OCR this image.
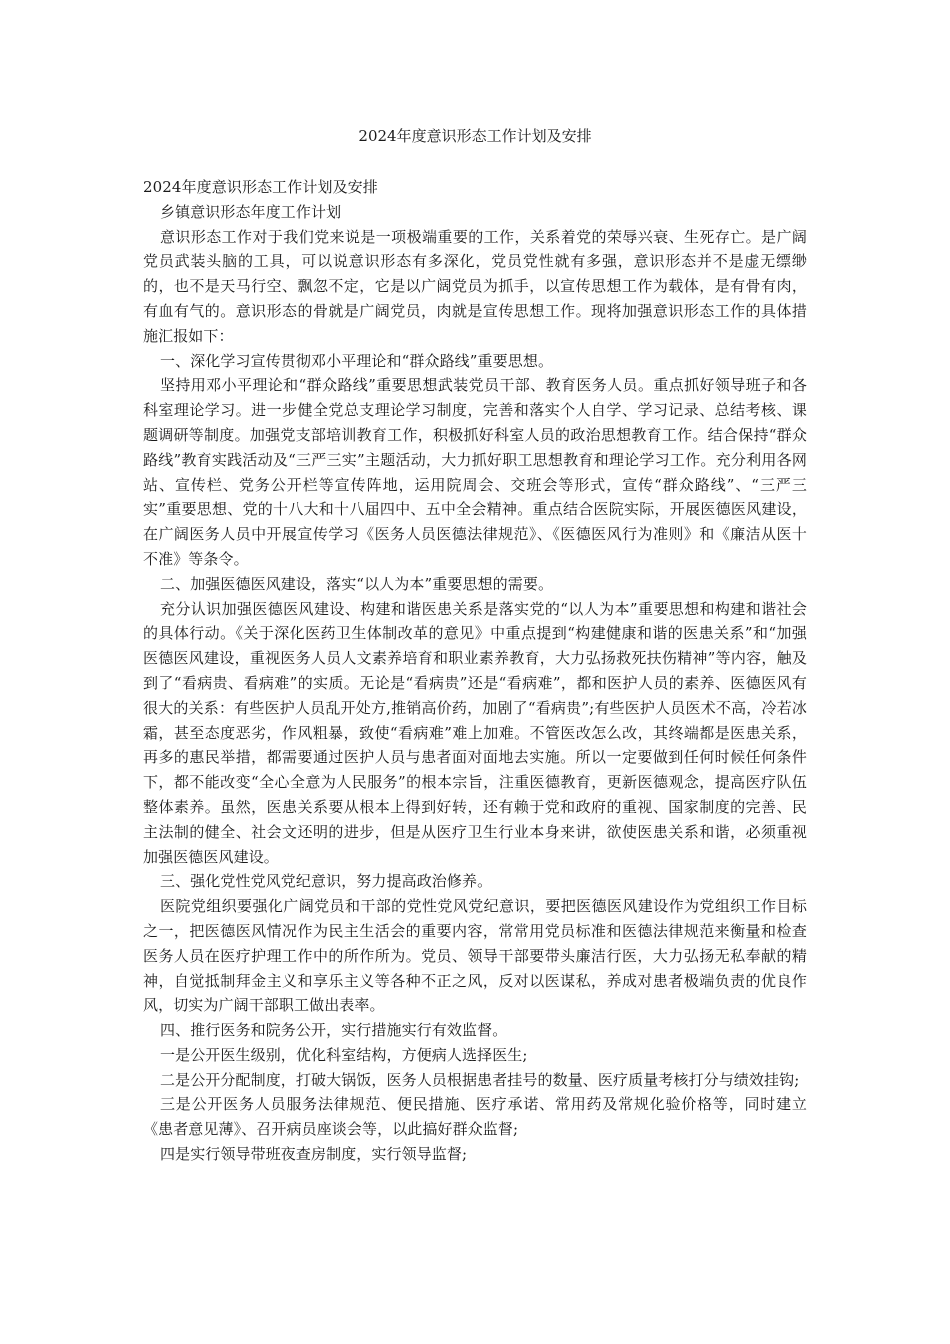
2024年度意识形态工作计划及安排

2024年度意识形态工作计划及安排

乡镇意识形态年度工作计划

意识形态工作对于我们党来说是一项极端重要的工作，关系着党的荣辱兴衰、生死存亡。是广阔党员武装头脑的工具，可以说意识形态有多深化，党员党性就有多强，意识形态并不是虚无缥缈的，也不是天马行空、飘忽不定，它是以广阔党员为抓手，以宣传思想工作为载体，是有骨有肉，有血有气的。意识形态的骨就是广阔党员，肉就是宣传思想工作。现将加强意识形态工作的具体措施汇报如下：

一、深化学习宣传贯彻邓小平理论和“群众路线”重要思想。

坚持用邓小平理论和“群众路线”重要思想武装党员干部、教育医务人员。重点抓好领导班子和各科室理论学习。进一步健全党总支理论学习制度，完善和落实个人自学、学习记录、总结考核、课题调研等制度。加强党支部培训教育工作，积极抓好科室人员的政治思想教育工作。结合保持“群众路线”教育实践活动及“三严三实”主题活动，大力抓好职工思想教育和理论学习工作。充分利用各网站、宣传栏、党务公开栏等宣传阵地，运用院周会、交班会等形式，宣传“群众路线”、“三严三实”重要思想、党的十八大和十八届四中、五中全会精神。重点结合医院实际，开展医德医风建设，在广阔医务人员中开展宣传学习《医务人员医德法律规范》、《医德医风行为准则》和《廉洁从医十不准》等条令。

二、加强医德医风建设，落实“以人为本”重要思想的需要。

充分认识加强医德医风建设、构建和谐医患关系是落实党的“以人为本”重要思想和构建和谐社会的具体行动。《关于深化医药卫生体制改革的意见》中重点提到“构建健康和谐的医患关系”和“加强医德医风建设，重视医务人员人文素养培育和职业素养教育，大力弘扬救死扶伤精神”等内容，触及到了“看病贵、看病难”的实质。无论是“看病贵”还是“看病难”，都和医护人员的素养、医德医风有很大的关系：有些医护人员乱开处方,推销高价药，加剧了“看病贵”;有些医护人员医术不高，冷若冰霜，甚至态度恶劣，作风粗暴，致使“看病难”难上加难。不管医改怎么改，其终端都是医患关系，再多的惠民举措，都需要通过医护人员与患者面对面地去实施。所以一定要做到任何时候任何条件下，都不能改变“全心全意为人民服务”的根本宗旨，注重医德教育，更新医德观念，提高医疗队伍整体素养。虽然，医患关系要从根本上得到好转，还有赖于党和政府的重视、国家制度的完善、民主法制的健全、社会文还明的进步，但是从医疗卫生行业本身来讲，欲使医患关系和谐，必须重视加强医德医风建设。

三、强化党性党风党纪意识，努力提高政治修养。

医院党组织要强化广阔党员和干部的党性党风党纪意识，要把医德医风建设作为党组织工作目标之一，把医德医风情况作为民主生活会的重要内容，常常用党员标准和医德法律规范来衡量和检查医务人员在医疗护理工作中的所作所为。党员、领导干部要带头廉洁行医，大力弘扬无私奉献的精神，自觉抵制拜金主义和享乐主义等各种不正之风，反对以医谋私，养成对患者极端负责的优良作风，切实为广阔干部职工做出表率。

四、推行医务和院务公开，实行措施实行有效监督。

一是公开医生级别，优化科室结构，方便病人选择医生;

二是公开分配制度，打破大锅饭，医务人员根据患者挂号的数量、医疗质量考核打分与绩效挂钩;

三是公开医务人员服务法律规范、便民措施、医疗承诺、常用药及常规化验价格等，同时建立《患者意见薄》、召开病员座谈会等，以此搞好群众监督;

四是实行领导带班夜查房制度，实行领导监督;
